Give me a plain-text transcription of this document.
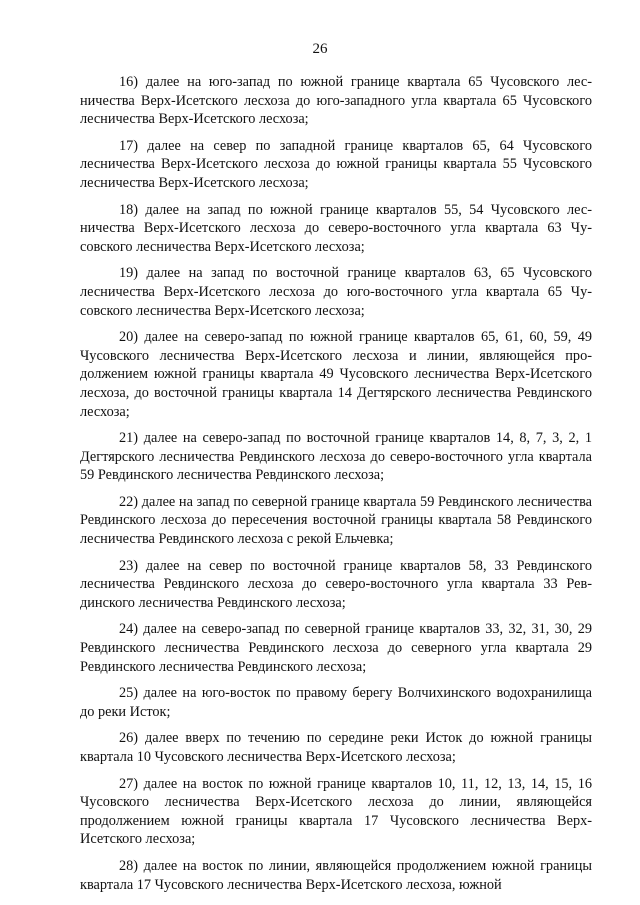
26

16) далее на юго-запад по южной границе квартала 65 Чусовского лесничества Верх-Исетского лесхоза до юго-западного угла квартала 65 Чусовского лесничества Верх-Исетского лесхоза;

17) далее на север по западной границе кварталов 65, 64 Чусовского лесничества Верх-Исетского лесхоза до южной границы квартала 55 Чусовского лесничества Верх-Исетского лесхоза;

18) далее на запад по южной границе кварталов 55, 54 Чусовского лесничества Верх-Исетского лесхоза до северо-восточного угла квартала 63 Чусовского лесничества Верх-Исетского лесхоза;

19) далее на запад по восточной границе кварталов 63, 65 Чусовского лесничества Верх-Исетского лесхоза до юго-восточного угла квартала 65 Чусовского лесничества Верх-Исетского лесхоза;

20) далее на северо-запад по южной границе кварталов 65, 61, 60, 59, 49 Чусовского лесничества Верх-Исетского лесхоза и линии, являющейся продолжением южной границы квартала 49 Чусовского лесничества Верх-Исетского лесхоза, до восточной границы квартала 14 Дегтярского лесничества Ревдинского лесхоза;

21) далее на северо-запад по восточной границе кварталов 14, 8, 7, 3, 2, 1 Дегтярского лесничества Ревдинского лесхоза до северо-восточного угла квартала 59 Ревдинского лесничества Ревдинского лесхоза;

22) далее на запад по северной границе квартала 59 Ревдинского лесничества Ревдинского лесхоза до пересечения восточной границы квартала 58 Ревдинского лесничества Ревдинского лесхоза с рекой Ельчевка;

23) далее на север по восточной границе кварталов 58, 33 Ревдинского лесничества Ревдинского лесхоза до северо-восточного угла квартала 33 Ревдинского лесничества Ревдинского лесхоза;

24) далее на северо-запад по северной границе кварталов 33, 32, 31, 30, 29 Ревдинского лесничества Ревдинского лесхоза до северного угла квартала 29 Ревдинского лесничества Ревдинского лесхоза;

25) далее на юго-восток по правому берегу Волчихинского водохранилища до реки Исток;

26) далее вверх по течению по середине реки Исток до южной границы квартала 10 Чусовского лесничества Верх-Исетского лесхоза;

27) далее на восток по южной границе кварталов 10, 11, 12, 13, 14, 15, 16 Чусовского лесничества Верх-Исетского лесхоза до линии, являющейся продолжением южной границы квартала 17 Чусовского лесничества Верх-Исетского лесхоза;

28) далее на восток по линии, являющейся продолжением южной границы квартала 17 Чусовского лесничества Верх-Исетского лесхоза, южной
